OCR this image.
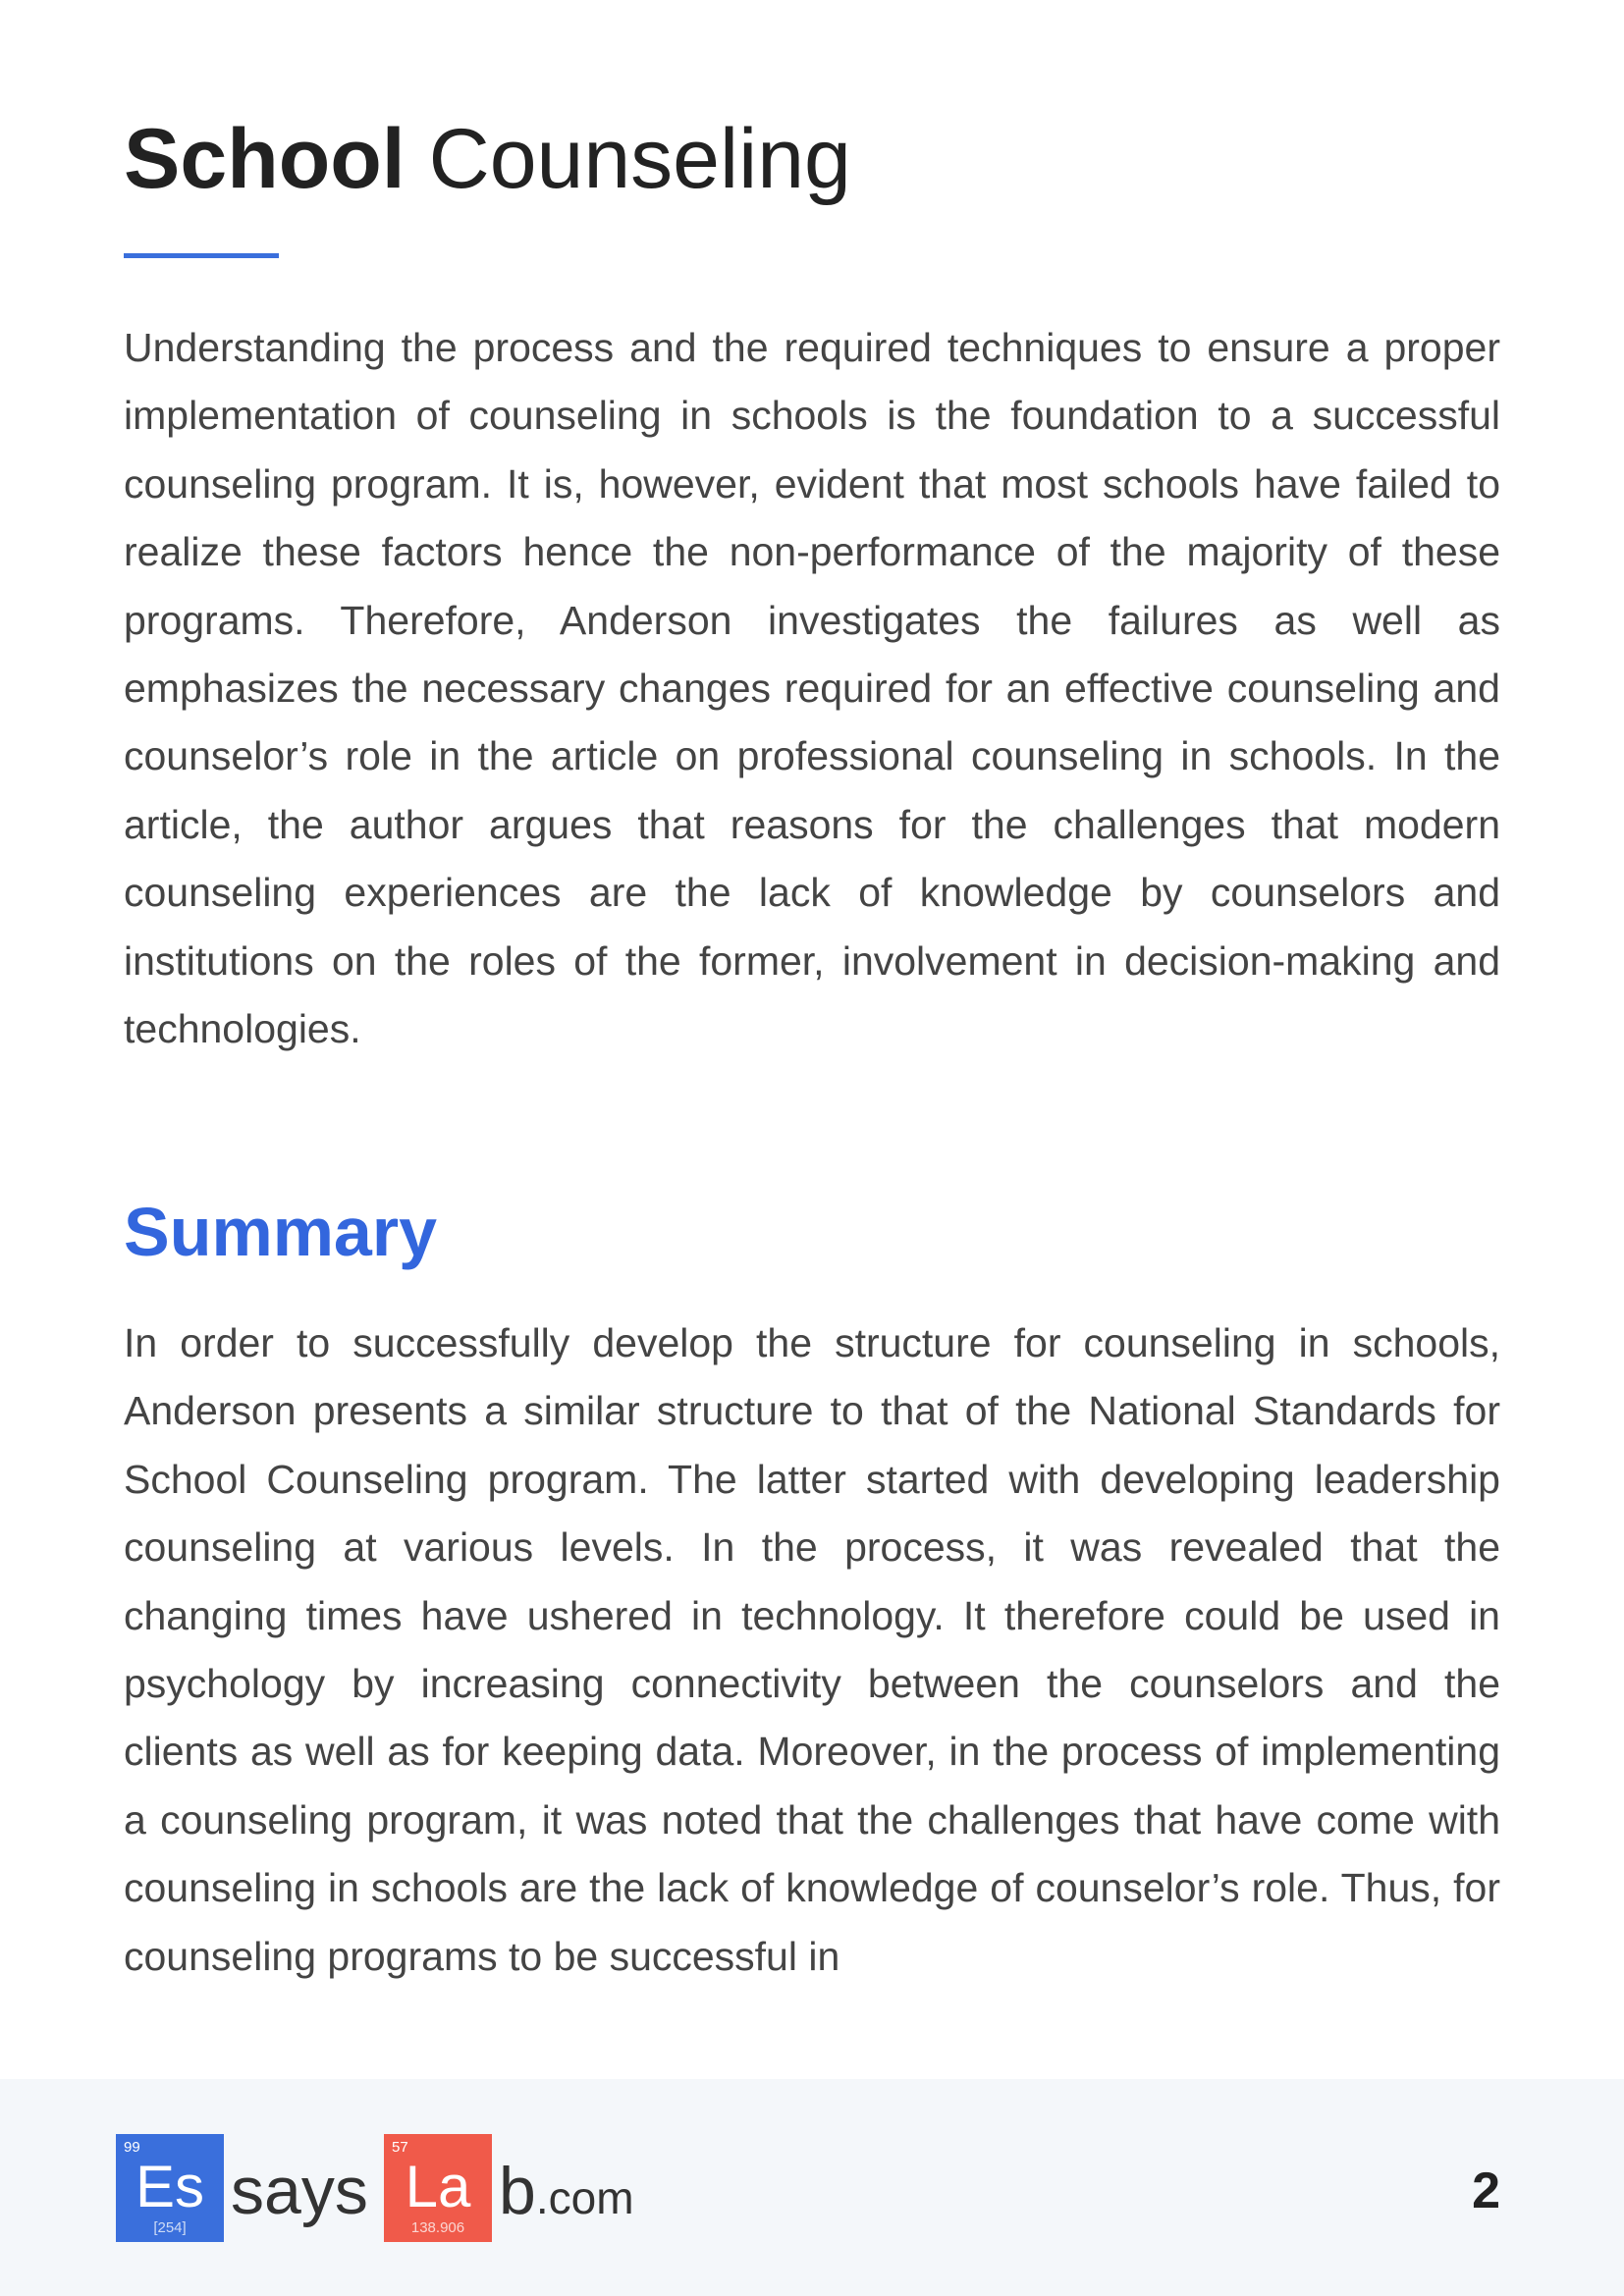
School Counseling

Understanding the process and the required techniques to ensure a proper implementation of counseling in schools is the foundation to a successful counseling program. It is, however, evident that most schools have failed to realize these factors hence the non-performance of the majority of these programs. Therefore, Anderson investigates the failures as well as emphasizes the necessary changes required for an effective counseling and counselor’s role in the article on professional counseling in schools. In the article, the author argues that reasons for the challenges that modern counseling experiences are the lack of knowledge by counselors and institutions on the roles of the former, involvement in decision-making and technologies.

Summary

In order to successfully develop the structure for counseling in schools, Anderson presents a similar structure to that of the National Standards for School Counseling program. The latter started with developing leadership counseling at various levels. In the process, it was revealed that the changing times have ushered in technology. It therefore could be used in psychology by increasing connectivity between the counselors and the clients as well as for keeping data. Moreover, in the process of implementing a counseling program, it was noted that the challenges that have come with counseling in schools are the lack of knowledge of counselor’s role. Thus, for counseling programs to be successful in

99
Es
[254] says
57
La
138.906 b.com	2
